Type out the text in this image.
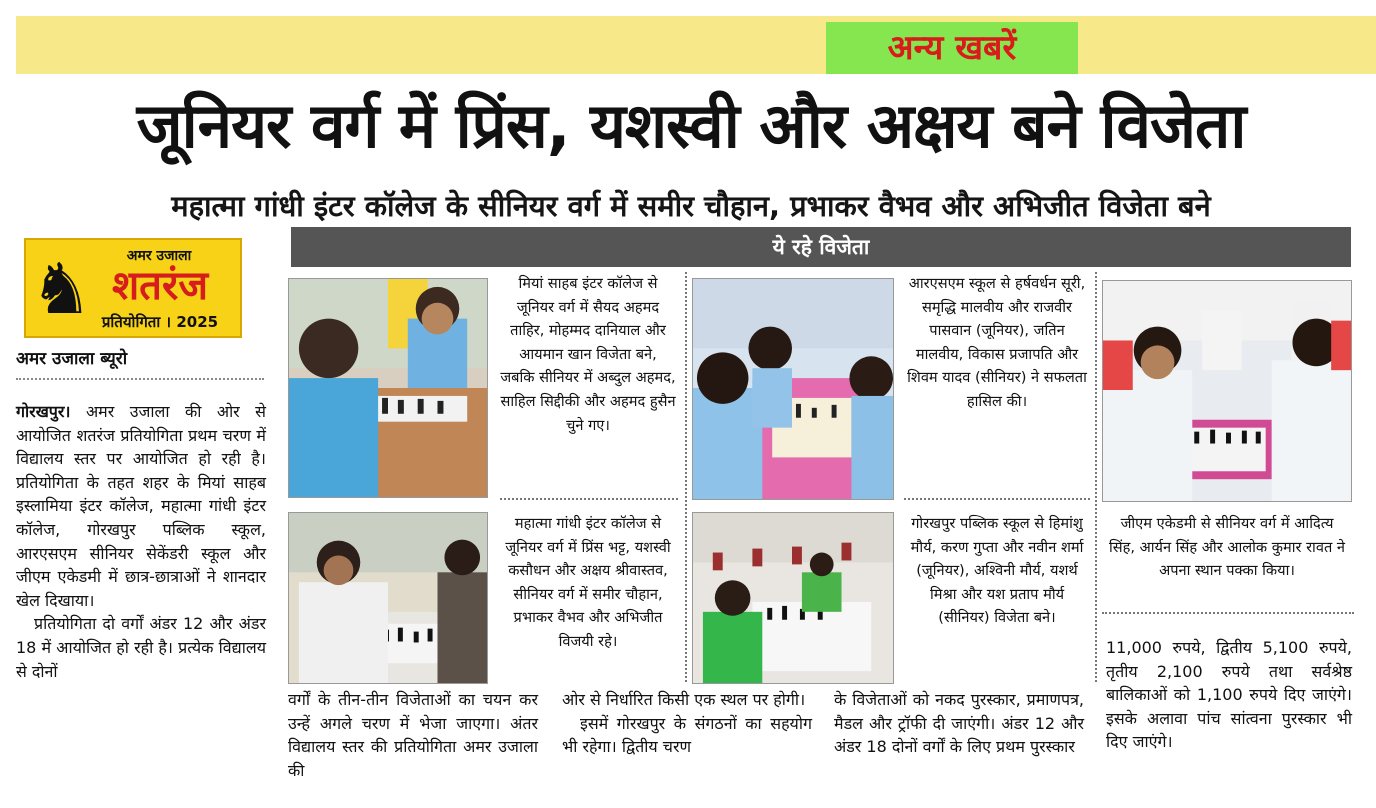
अन्य खबरें
जूनियर वर्ग में प्रिंस, यशस्वी और अक्षय बने विजेता
महात्मा गांधी इंटर कॉलेज के सीनियर वर्ग में समीर चौहान, प्रभाकर वैभव और अभिजीत विजेता बने
ये रहे विजेता
♞	अमर उजाला
शतरंज
प्रतियोगिता । 2025
अमर उजाला ब्यूरो

गोरखपुर। अमर उजाला की ओर से आयोजित शतरंज प्रतियोगिता प्रथम चरण में विद्यालय स्तर पर आयोजित हो रही है। प्रतियोगिता के तहत शहर के मियां साहब इस्लामिया इंटर कॉलेज, महात्मा गांधी इंटर कॉलेज, गोरखपुर पब्लिक स्कूल, आरएसएम सीनियर सेकेंडरी स्कूल और जीएम एकेडमी में छात्र-छात्राओं ने शानदार खेल दिखाया।

प्रतियोगिता दो वर्गों अंडर 12 और अंडर 18 में आयोजित हो रही है। प्रत्येक विद्यालय से दोनों

मियां साहब इंटर कॉलेज से जूनियर वर्ग में सैयद अहमद ताहिर, मोहम्मद दानियाल और आयमान खान विजेता बने, जबकि सीनियर में अब्दुल अहमद, साहिल सिद्दीकी और अहमद हुसैन चुने गए।
महात्मा गांधी इंटर कॉलेज से जूनियर वर्ग में प्रिंस भट्ट, यशस्वी कसौधन और अक्षय श्रीवास्तव, सीनियर वर्ग में समीर चौहान, प्रभाकर वैभव और अभिजीत विजयी रहे।
आरएसएम स्कूल से हर्षवर्धन सूरी, समृद्धि मालवीय और राजवीर पासवान (जूनियर), जतिन मालवीय, विकास प्रजापति और शिवम यादव (सीनियर) ने सफलता हासिल की।
गोरखपुर पब्लिक स्कूल से हिमांशु मौर्य, करण गुप्ता और नवीन शर्मा (जूनियर), अश्विनी मौर्य, यशर्थ मिश्रा और यश प्रताप मौर्य (सीनियर) विजेता बने।
जीएम एकेडमी से सीनियर वर्ग में आदित्य सिंह, आर्यन सिंह और आलोक कुमार रावत ने अपना स्थान पक्का किया।
वर्गों के तीन-तीन विजेताओं का चयन कर उन्हें अगले चरण में भेजा जाएगा। अंतर विद्यालय स्तर की प्रतियोगिता अमर उजाला की

ओर से निर्धारित किसी एक स्थल पर होगी।

इसमें गोरखपुर के संगठनों का सहयोग भी रहेगा। द्वितीय चरण

के विजेताओं को नकद पुरस्कार, प्रमाणपत्र, मैडल और ट्रॉफी दी जाएंगी। अंडर 12 और अंडर 18 दोनों वर्गों के लिए प्रथम पुरस्कार
11,000 रुपये, द्वितीय 5,100 रुपये, तृतीय 2,100 रुपये तथा सर्वश्रेष्ठ बालिकाओं को 1,100 रुपये दिए जाएंगे। इसके अलावा पांच सांत्वना पुरस्कार भी दिए जाएंगे।
